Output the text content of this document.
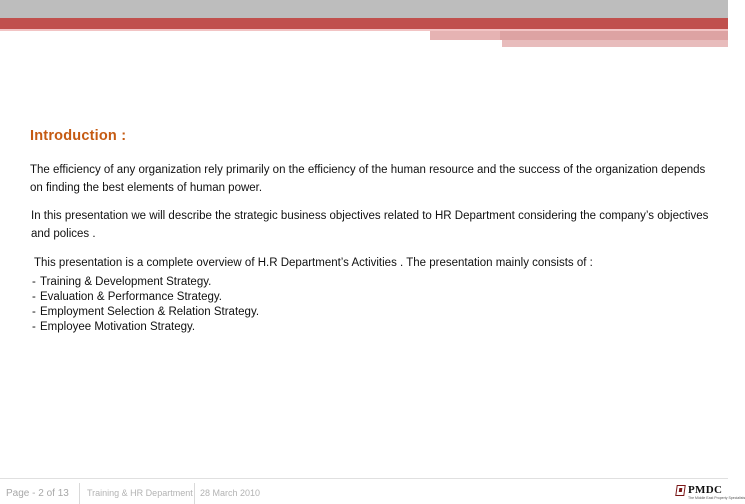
Introduction :
The efficiency of any organization rely primarily on the efficiency of the human resource and the success of the organization depends on finding the best elements of human power.
In this presentation we will describe the strategic business objectives related to HR Department considering the company’s objectives and polices .
This presentation is a complete overview of H.R Department’s Activities . The presentation mainly consists of :
- Training & Development Strategy.
- Evaluation & Performance Strategy.
- Employment Selection & Relation Strategy.
- Employee Motivation Strategy.
Page - 2 of 13 Training & HR Department 28 March 2010	PMDC
The Middle East Property Specialists
